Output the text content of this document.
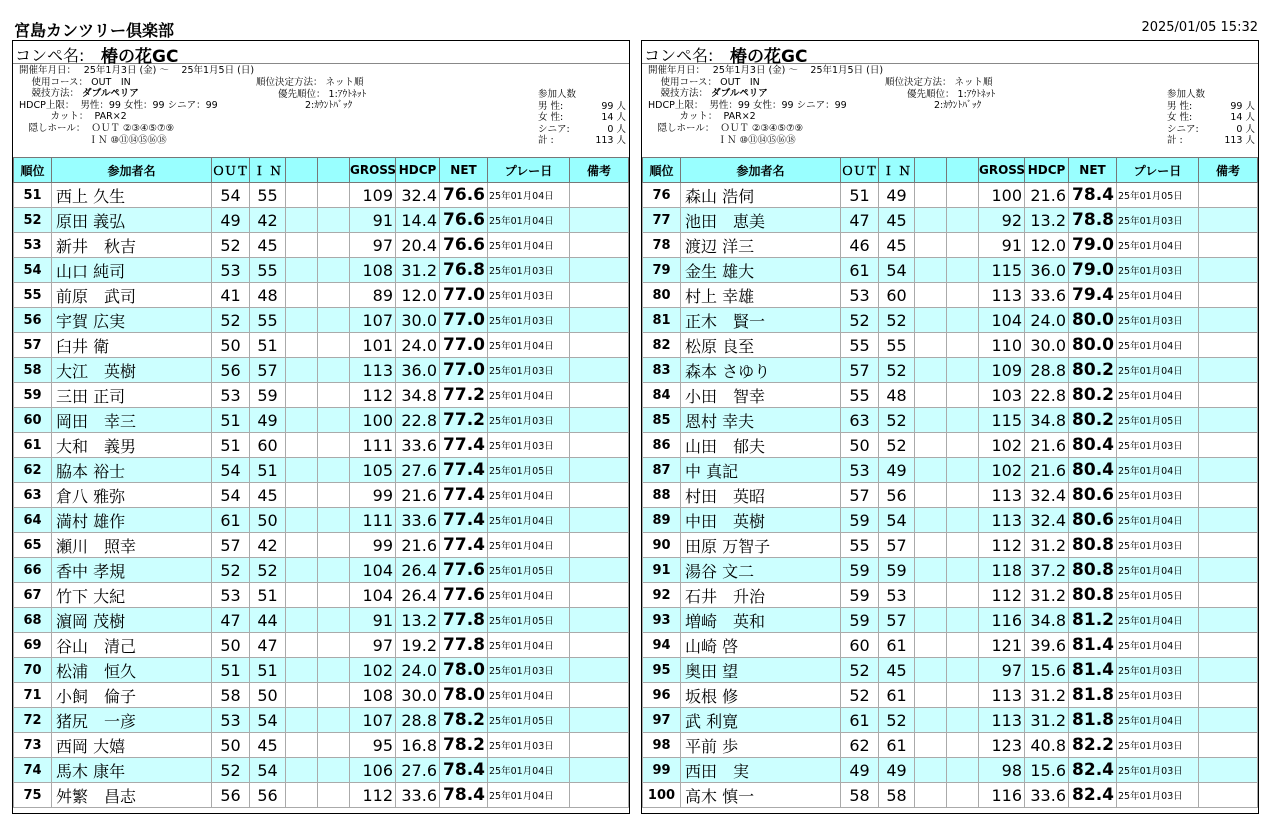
宮島カンツリー倶楽部	2025/01/05 15:32
コンペ名: 椿の花GC
開催年月日：　 25年1月3日 (金) ～　 25年1月5日 (日)
　 使用コース： OUT　IN
　 競技方法： ダブルペリア
HDCP上限：  男性：99 女性：99 シニア：99
　　　 カット：  PAR×2
　隠しホール：  ＯＵＴ ②③④⑤⑦⑨
　　　　　　　 ＩＮ ⑩⑪⑭⑮⑯⑱
順位決定方法： ネット順
優先順位： 1:ｱｳﾄﾈｯﾄ
2:ｶｳﾝﾄﾊﾞｯｸ
参加人数
男 性:	99 人
女 性:	14 人
シニア:	0 人
計 :	113 人
順位	参加者名	ＯＵＴ	Ｉ Ｎ			GROSS	HDCP	NET	プレー日	備考
51	西上 久生	54	55			109	32.4	76.6	25年01月04日	
52	原田 義弘	49	42			91	14.4	76.6	25年01月04日	
53	新井　秋吉	52	45			97	20.4	76.6	25年01月04日	
54	山口 純司	53	55			108	31.2	76.8	25年01月03日	
55	前原　武司	41	48			89	12.0	77.0	25年01月03日	
56	宇賀 広実	52	55			107	30.0	77.0	25年01月03日	
57	臼井 衛	50	51			101	24.0	77.0	25年01月04日	
58	大江　英樹	56	57			113	36.0	77.0	25年01月03日	
59	三田 正司	53	59			112	34.8	77.2	25年01月04日	
60	岡田　幸三	51	49			100	22.8	77.2	25年01月03日	
61	大和　義男	51	60			111	33.6	77.4	25年01月03日	
62	脇本 裕士	54	51			105	27.6	77.4	25年01月05日	
63	倉八 雅弥	54	45			99	21.6	77.4	25年01月04日	
64	満村 雄作	61	50			111	33.6	77.4	25年01月04日	
65	瀬川　照幸	57	42			99	21.6	77.4	25年01月04日	
66	香中 孝規	52	52			104	26.4	77.6	25年01月05日	
67	竹下 大紀	53	51			104	26.4	77.6	25年01月04日	
68	濵岡 茂樹	47	44			91	13.2	77.8	25年01月05日	
69	谷山　清己	50	47			97	19.2	77.8	25年01月04日	
70	松浦　恒久	51	51			102	24.0	78.0	25年01月03日	
71	小飼　倫子	58	50			108	30.0	78.0	25年01月04日	
72	猪尻　一彦	53	54			107	28.8	78.2	25年01月05日	
73	西岡 大嬉	50	45			95	16.8	78.2	25年01月03日	
74	馬木 康年	52	54			106	27.6	78.4	25年01月04日	
75	舛繁　昌志	56	56			112	33.6	78.4	25年01月04日	
コンペ名: 椿の花GC
開催年月日：　 25年1月3日 (金) ～　 25年1月5日 (日)
　 使用コース： OUT　IN
　 競技方法： ダブルペリア
HDCP上限：  男性：99 女性：99 シニア：99
　　　 カット：  PAR×2
　隠しホール：  ＯＵＴ ②③④⑤⑦⑨
　　　　　　　 ＩＮ ⑩⑪⑭⑮⑯⑱
順位決定方法： ネット順
優先順位： 1:ｱｳﾄﾈｯﾄ
2:ｶｳﾝﾄﾊﾞｯｸ
参加人数
男 性:	99 人
女 性:	14 人
シニア:	0 人
計 :	113 人
順位	参加者名	ＯＵＴ	Ｉ Ｎ			GROSS	HDCP	NET	プレー日	備考
76	森山 浩伺	51	49			100	21.6	78.4	25年01月05日	
77	池田　恵美	47	45			92	13.2	78.8	25年01月03日	
78	渡辺 洋三	46	45			91	12.0	79.0	25年01月04日	
79	金生 雄大	61	54			115	36.0	79.0	25年01月03日	
80	村上 幸雄	53	60			113	33.6	79.4	25年01月04日	
81	正木　賢一	52	52			104	24.0	80.0	25年01月03日	
82	松原 良至	55	55			110	30.0	80.0	25年01月04日	
83	森本 さゆり	57	52			109	28.8	80.2	25年01月04日	
84	小田　智幸	55	48			103	22.8	80.2	25年01月04日	
85	恩村 幸夫	63	52			115	34.8	80.2	25年01月05日	
86	山田　郁夫	50	52			102	21.6	80.4	25年01月03日	
87	中 真記	53	49			102	21.6	80.4	25年01月04日	
88	村田　英昭	57	56			113	32.4	80.6	25年01月03日	
89	中田　英樹	59	54			113	32.4	80.6	25年01月04日	
90	田原 万智子	55	57			112	31.2	80.8	25年01月03日	
91	湯谷 文二	59	59			118	37.2	80.8	25年01月04日	
92	石井　升治	59	53			112	31.2	80.8	25年01月05日	
93	増崎　英和	59	57			116	34.8	81.2	25年01月04日	
94	山崎 啓	60	61			121	39.6	81.4	25年01月04日	
95	奥田 望	52	45			97	15.6	81.4	25年01月03日	
96	坂根 修	52	61			113	31.2	81.8	25年01月03日	
97	武 利寛	61	52			113	31.2	81.8	25年01月04日	
98	平前 歩	62	61			123	40.8	82.2	25年01月03日	
99	西田　実	49	49			98	15.6	82.4	25年01月03日	
100	高木 慎一	58	58			116	33.6	82.4	25年01月03日	
